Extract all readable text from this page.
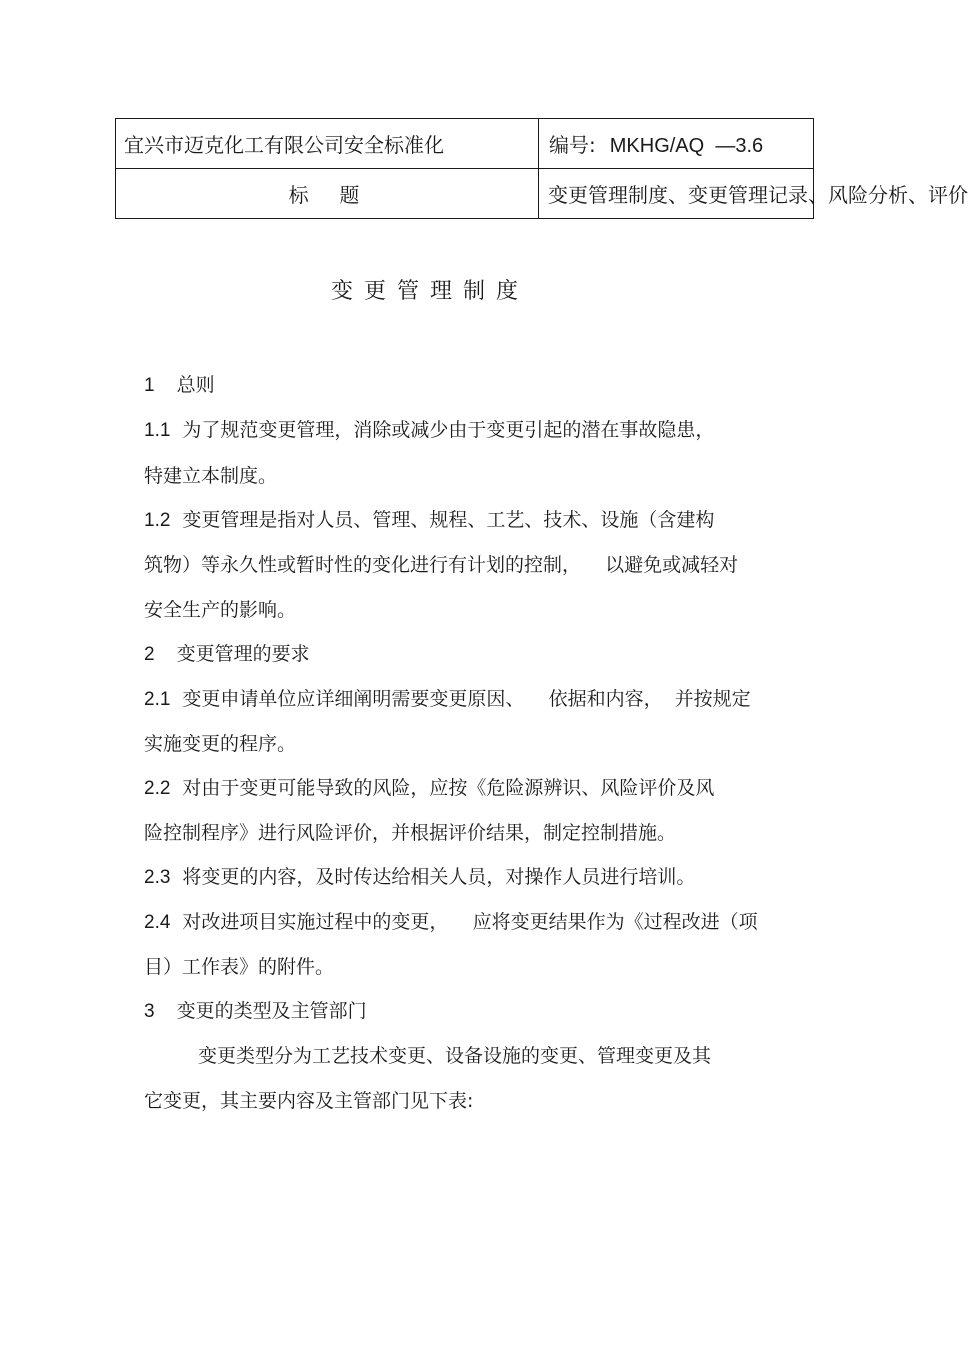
宜兴市迈克化工有限公司安全标准化	编号: MKHG/AQ  —3.6
标  题	变更管理制度、变更管理记录、风险分析、评价
变更管理制度

1 总则

1.1 为了规范变更管理，消除或减少由于变更引起的潜在事故隐患，

特建立本制度。

1.2 变更管理是指对人员、管理、规程、工艺、技术、设施（含建构

筑物）等永久性或暂时性的变化进行有计划的控制，    以避免或减轻对

安全生产的影响。

2 变更管理的要求

2.1 变更申请单位应详细阐明需要变更原因、    依据和内容，  并按规定

实施变更的程序。

2.2 对由于变更可能导致的风险，应按《危险源辨识、风险评价及风

险控制程序》进行风险评价，并根据评价结果，制定控制措施。

2.3 将变更的内容，及时传达给相关人员，对操作人员进行培训。

2.4 对改进项目实施过程中的变更，    应将变更结果作为《过程改进（项

目）工作表》的附件。

3 变更的类型及主管部门

变更类型分为工艺技术变更、设备设施的变更、管理变更及其

它变更，其主要内容及主管部门见下表:
